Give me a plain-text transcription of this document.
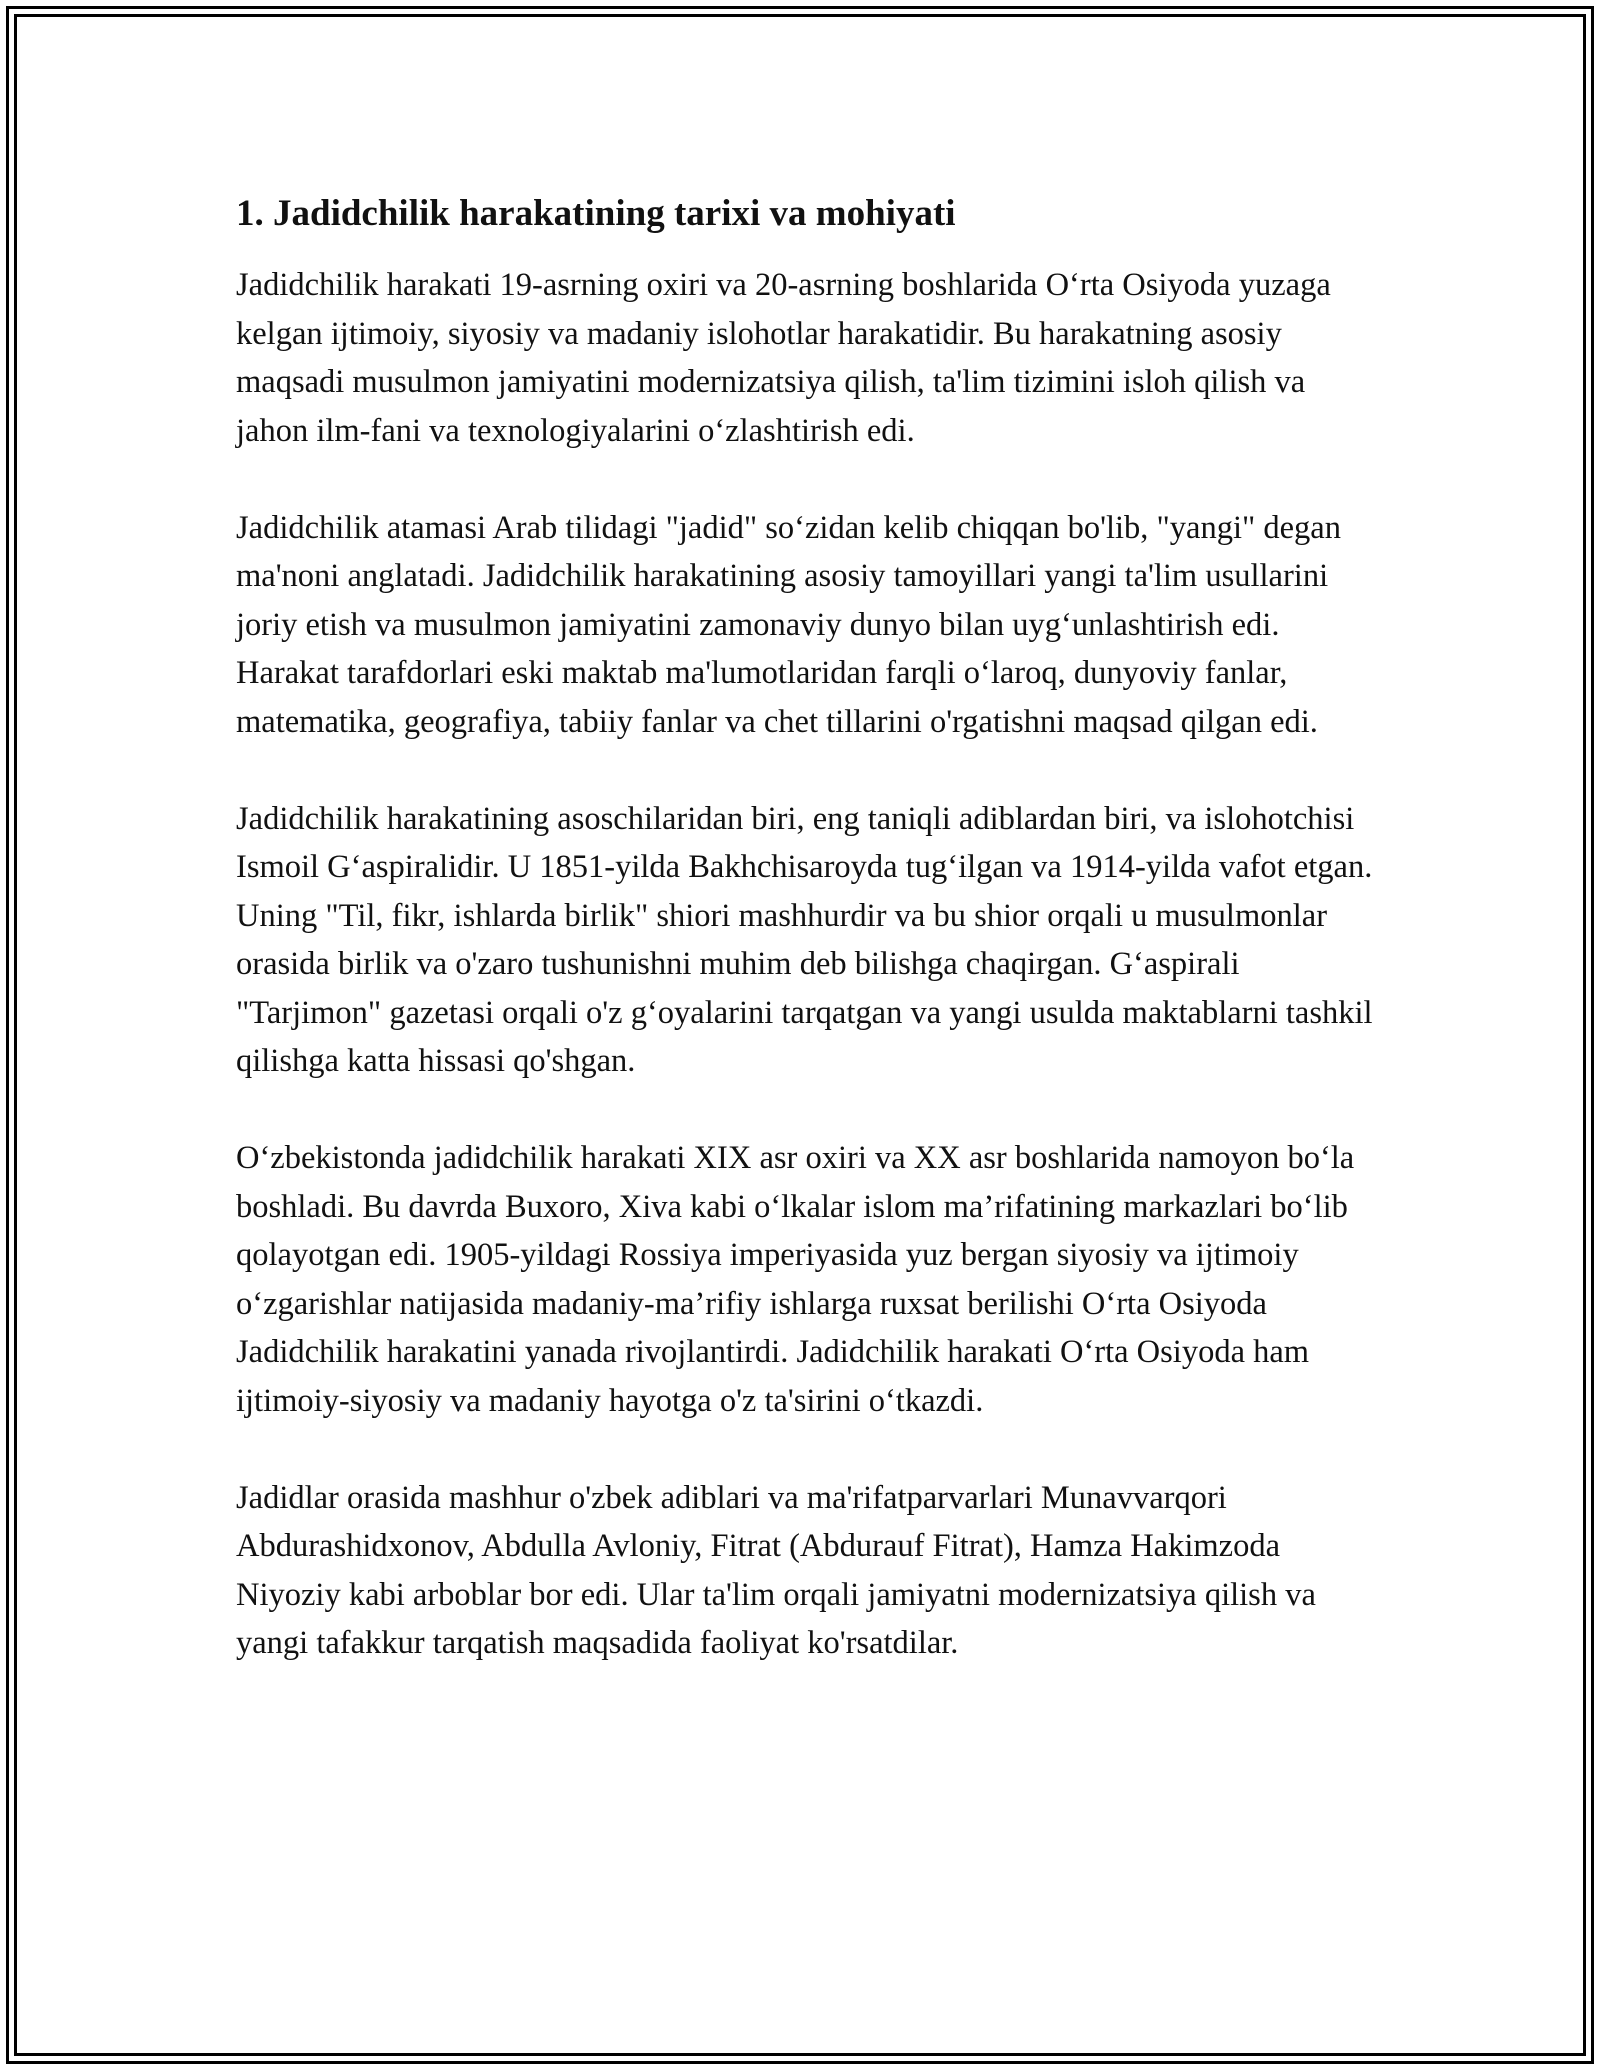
1. Jadidchilik harakatining tarixi va mohiyati

Jadidchilik harakati 19-asrning oxiri va 20-asrning boshlarida O‘rta Osiyoda yuzaga kelgan ijtimoiy, siyosiy va madaniy islohotlar harakatidir. Bu harakatning asosiy maqsadi musulmon jamiyatini modernizatsiya qilish, ta'lim tizimini isloh qilish va jahon ilm-fani va texnologiyalarini o‘zlashtirish edi.

Jadidchilik atamasi Arab tilidagi "jadid" so‘zidan kelib chiqqan bo'lib, "yangi" degan ma'noni anglatadi. Jadidchilik harakatining asosiy tamoyillari yangi ta'lim usullarini joriy etish va musulmon jamiyatini zamonaviy dunyo bilan uyg‘unlashtirish edi. Harakat tarafdorlari eski maktab ma'lumotlaridan farqli o‘laroq, dunyoviy fanlar, matematika, geografiya, tabiiy fanlar va chet tillarini o'rgatishni maqsad qilgan edi.

Jadidchilik harakatining asoschilaridan biri, eng taniqli adiblardan biri, va islohotchisi Ismoil G‘aspiralidir. U 1851-yilda Bakhchisaroyda tug‘ilgan va 1914-yilda vafot etgan. Uning "Til, fikr, ishlarda birlik" shiori mashhurdir va bu shior orqali u musulmonlar orasida birlik va o'zaro tushunishni muhim deb bilishga chaqirgan. G‘aspirali "Tarjimon" gazetasi orqali o'z g‘oyalarini tarqatgan va yangi usulda maktablarni tashkil qilishga katta hissasi qo'shgan.

O‘zbekistonda jadidchilik harakati XIX asr oxiri va XX asr boshlarida namoyon bo‘la boshladi. Bu davrda Buxoro, Xiva kabi o‘lkalar islom ma’rifatining markazlari bo‘lib qolayotgan edi. 1905-yildagi Rossiya imperiyasida yuz bergan siyosiy va ijtimoiy o‘zgarishlar natijasida madaniy-ma’rifiy ishlarga ruxsat berilishi O‘rta Osiyoda Jadidchilik harakatini yanada rivojlantirdi. Jadidchilik harakati O‘rta Osiyoda ham ijtimoiy-siyosiy va madaniy hayotga o'z ta'sirini o‘tkazdi.

Jadidlar orasida mashhur o'zbek adiblari va ma'rifatparvarlari Munavvarqori Abdurashidxonov, Abdulla Avloniy, Fitrat (Abdurauf Fitrat), Hamza Hakimzoda Niyoziy kabi arboblar bor edi. Ular ta'lim orqali jamiyatni modernizatsiya qilish va yangi tafakkur tarqatish maqsadida faoliyat ko'rsatdilar.
